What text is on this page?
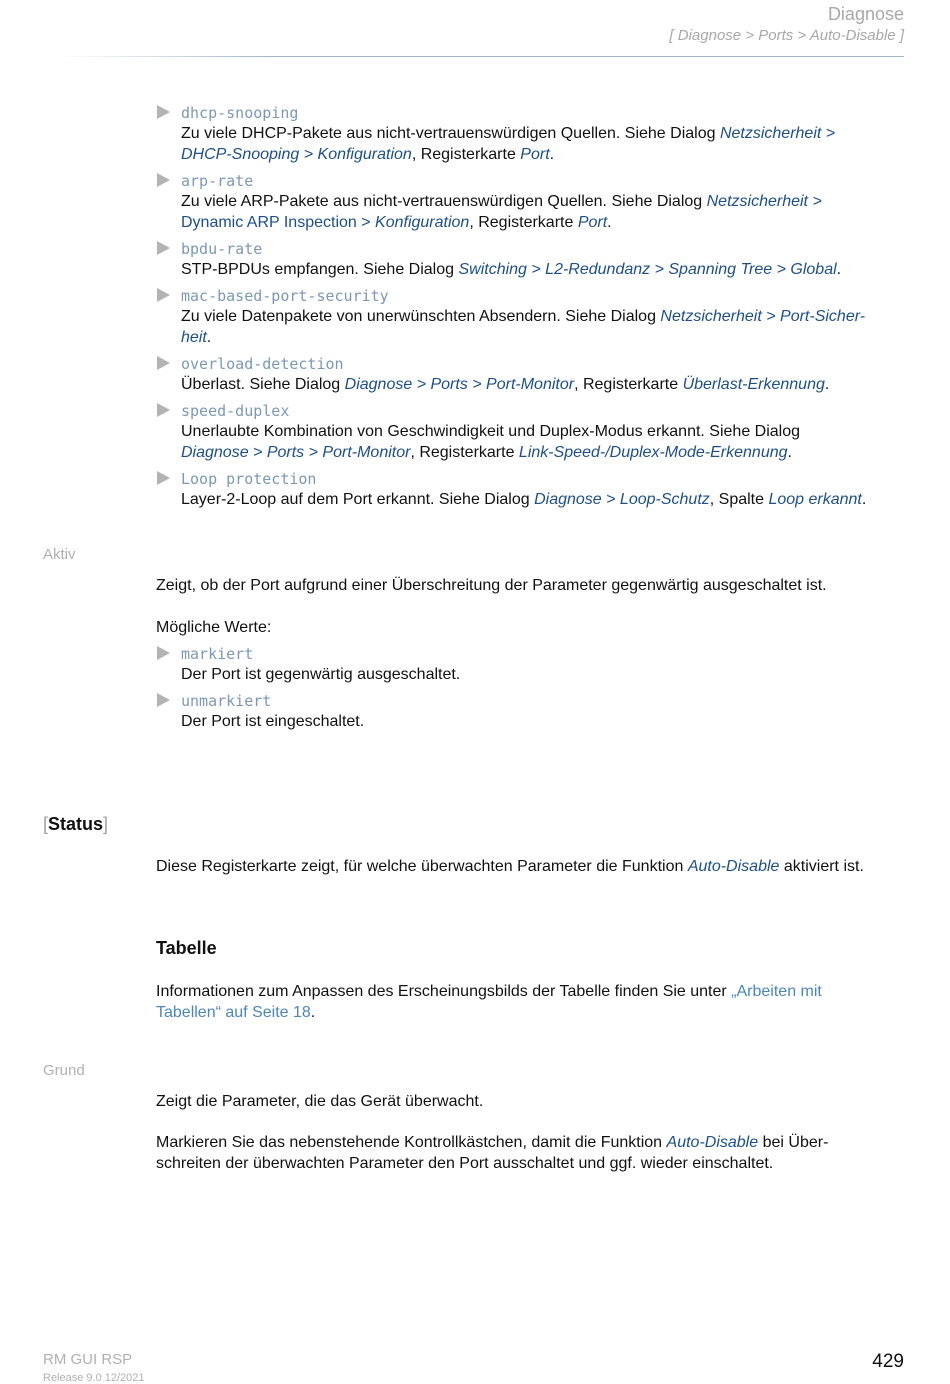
Diagnose
[ Diagnose > Ports > Auto-Disable ]
dhcp-snooping
Zu viele DHCP-Pakete aus nicht-vertrauenswürdigen Quellen. Siehe Dialog Netzsicherheit >
DHCP-Snooping > Konfiguration, Registerkarte Port.
arp-rate
Zu viele ARP-Pakete aus nicht-vertrauenswürdigen Quellen. Siehe Dialog Netzsicherheit >
Dynamic ARP Inspection > Konfiguration, Registerkarte Port.
bpdu-rate
STP-BPDUs empfangen. Siehe Dialog Switching > L2-Redundanz > Spanning Tree > Global.
mac-based-port-security
Zu viele Datenpakete von unerwünschten Absendern. Siehe Dialog Netzsicherheit > Port-Sicher-
heit.
overload-detection
Überlast. Siehe Dialog Diagnose > Ports > Port-Monitor, Registerkarte Überlast-Erkennung.
speed-duplex
Unerlaubte Kombination von Geschwindigkeit und Duplex-Modus erkannt. Siehe Dialog
Diagnose > Ports > Port-Monitor, Registerkarte Link-Speed-/Duplex-Mode-Erkennung.
Loop protection
Layer-2-Loop auf dem Port erkannt. Siehe Dialog Diagnose > Loop-Schutz, Spalte Loop erkannt.
Aktiv
Zeigt, ob der Port aufgrund einer Überschreitung der Parameter gegenwärtig ausgeschaltet ist.
Mögliche Werte:
markiert
Der Port ist gegenwärtig ausgeschaltet.
unmarkiert
Der Port ist eingeschaltet.
[Status]
Diese Registerkarte zeigt, für welche überwachten Parameter die Funktion Auto-Disable aktiviert ist.
Tabelle
Informationen zum Anpassen des Erscheinungsbilds der Tabelle finden Sie unter „Arbeiten mit
Tabellen“ auf Seite 18.
Grund
Zeigt die Parameter, die das Gerät überwacht.
Markieren Sie das nebenstehende Kontrollkästchen, damit die Funktion Auto-Disable bei Über-
schreiten der überwachten Parameter den Port ausschaltet und ggf. wieder einschaltet.
RM GUI RSP
Release 9.0 12/2021
429
